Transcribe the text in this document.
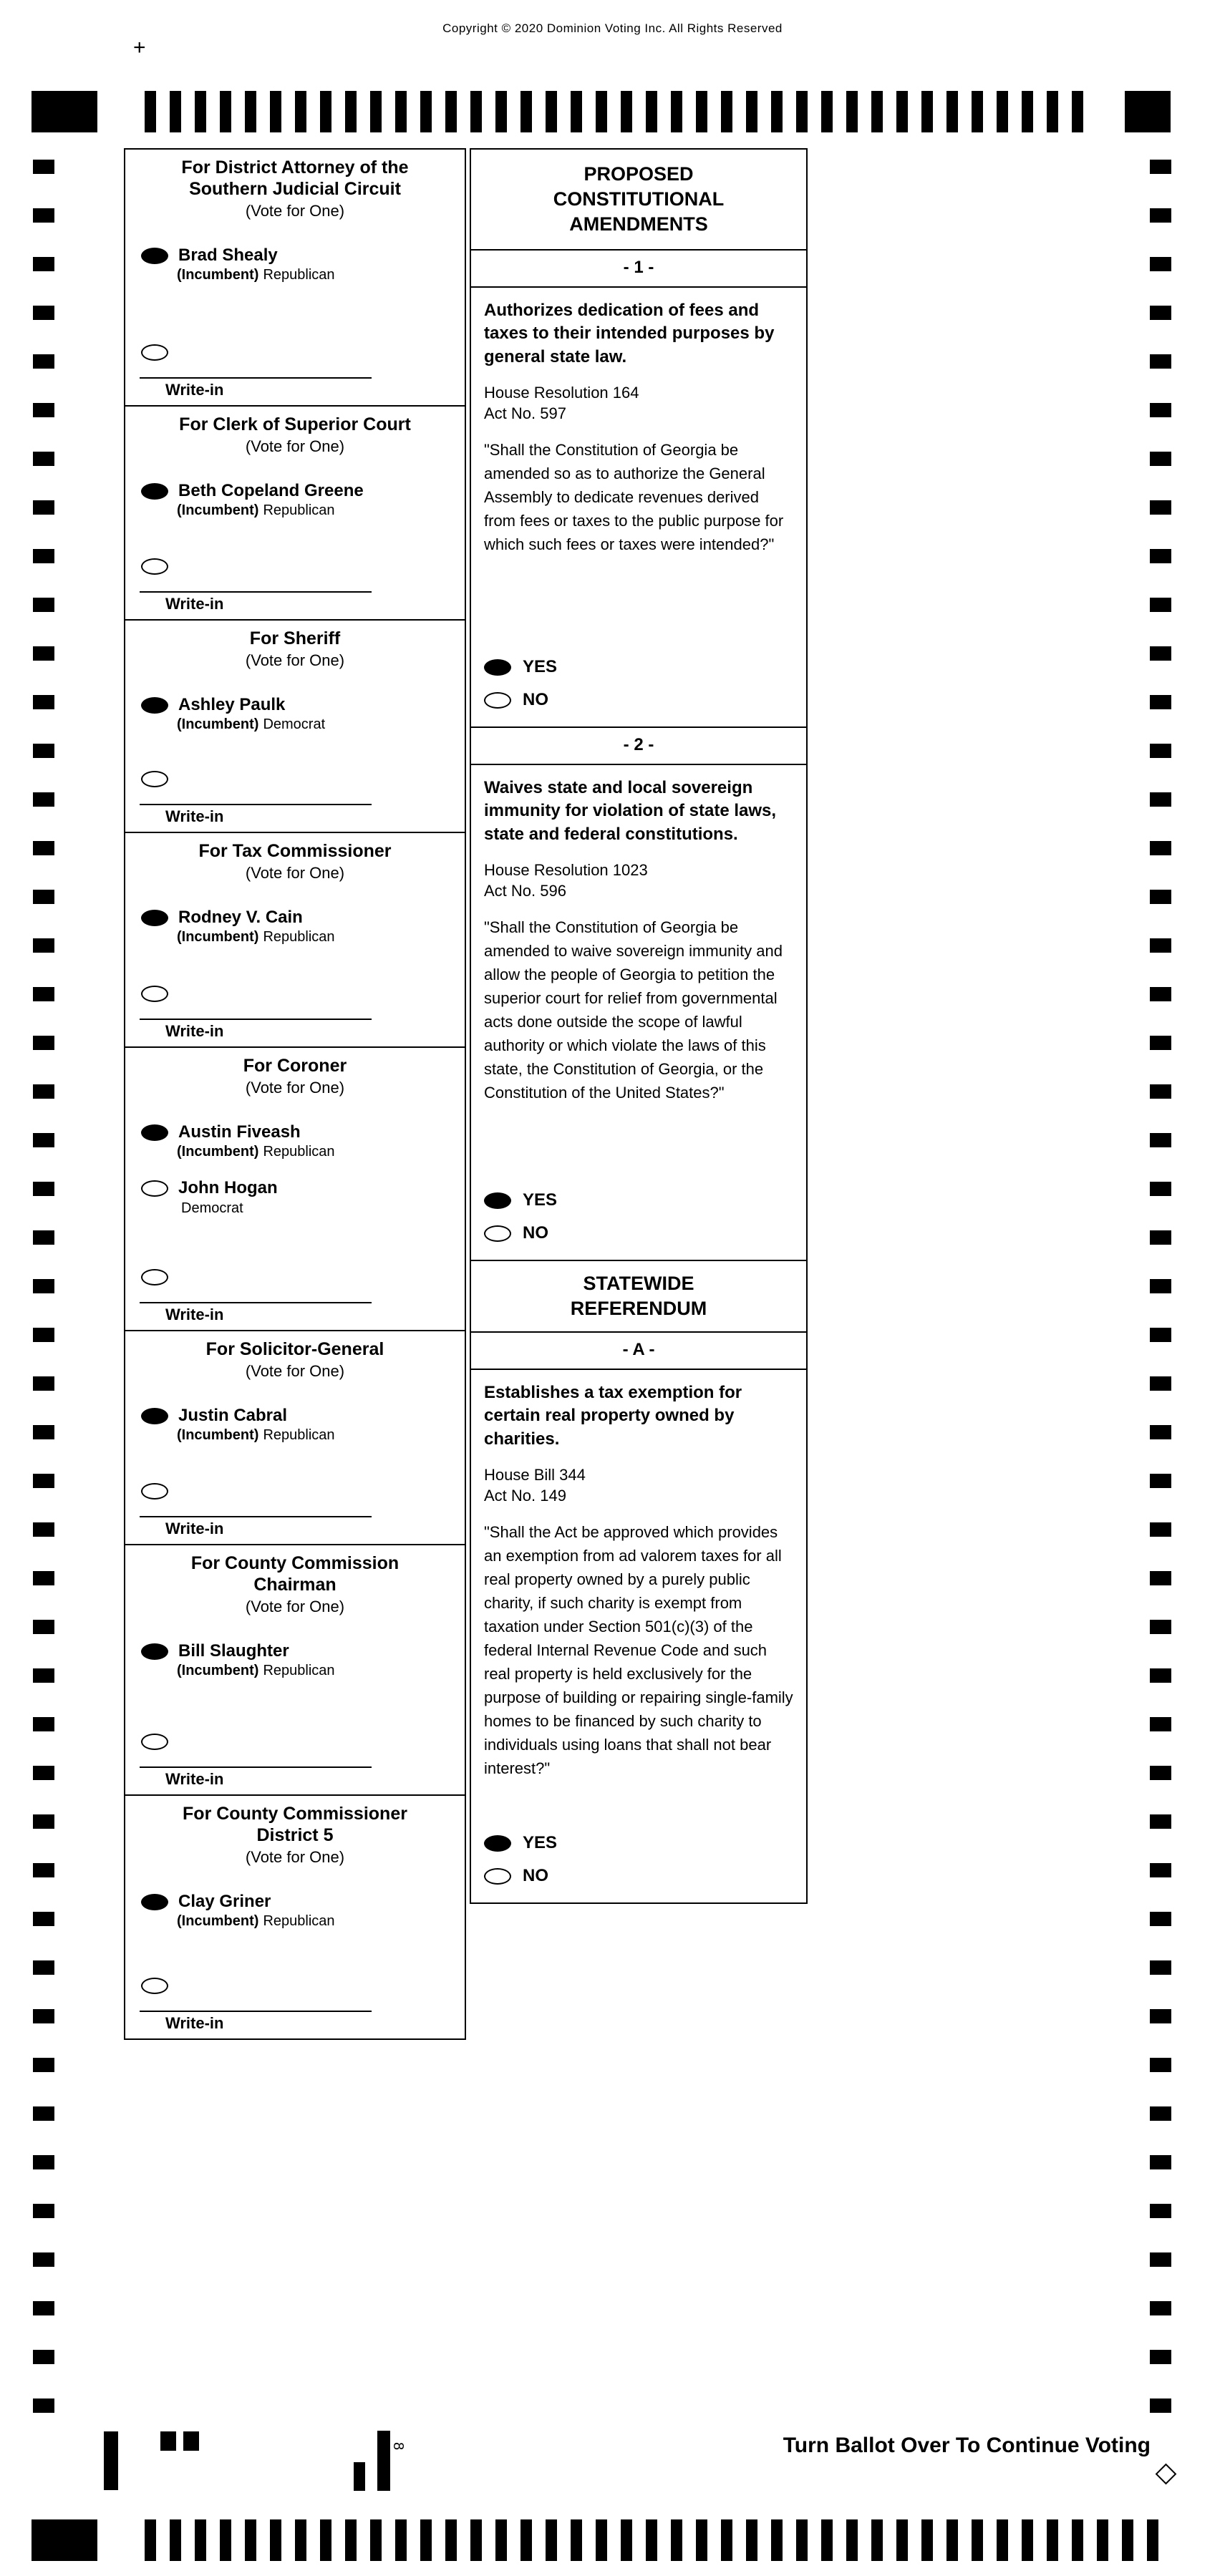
Copyright © 2020 Dominion Voting Inc. All Rights Reserved
+
For District Attorney of the
Southern Judicial Circuit
(Vote for One)
Brad Shealy
(Incumbent) Republican
Write-in
For Clerk of Superior Court
(Vote for One)
Beth Copeland Greene
(Incumbent) Republican
Write-in
For Sheriff
(Vote for One)
Ashley Paulk
(Incumbent) Democrat
Write-in
For Tax Commissioner
(Vote for One)
Rodney V. Cain
(Incumbent) Republican
Write-in
For Coroner
(Vote for One)
Austin Fiveash
(Incumbent) Republican
John Hogan
Democrat
Write-in
For Solicitor-General
(Vote for One)
Justin Cabral
(Incumbent) Republican
Write-in
For County Commission
Chairman
(Vote for One)
Bill Slaughter
(Incumbent) Republican
Write-in
For County Commissioner
District 5
(Vote for One)
Clay Griner
(Incumbent) Republican
Write-in
PROPOSED
CONSTITUTIONAL
AMENDMENTS
- 1 -
Authorizes dedication of fees and taxes to their intended purposes by general state law.
House Resolution 164
Act No. 597
"Shall the Constitution of Georgia be amended so as to authorize the General Assembly to dedicate revenues derived from fees or taxes to the public purpose for which such fees or taxes were intended?"
YES
NO
- 2 -
Waives state and local sovereign immunity for violation of state laws, state and federal constitutions.
House Resolution 1023
Act No. 596
"Shall the Constitution of Georgia be amended to waive sovereign immunity and allow the people of Georgia to petition the superior court for relief from governmental acts done outside the scope of lawful authority or which violate the laws of this state, the Constitution of Georgia, or the Constitution of the United States?"
YES
NO
STATEWIDE
REFERENDUM
- A -
Establishes a tax exemption for certain real property owned by charities.
House Bill 344
Act No. 149
"Shall the Act be approved which provides an exemption from ad valorem taxes for all real property owned by a purely public charity, if such charity is exempt from taxation under Section 501(c)(3) of the federal Internal Revenue Code and such real property is held exclusively for the purpose of building or repairing single-family homes to be financed by such charity to individuals using loans that shall not bear interest?"
YES
NO
Turn Ballot Over To Continue Voting
8
